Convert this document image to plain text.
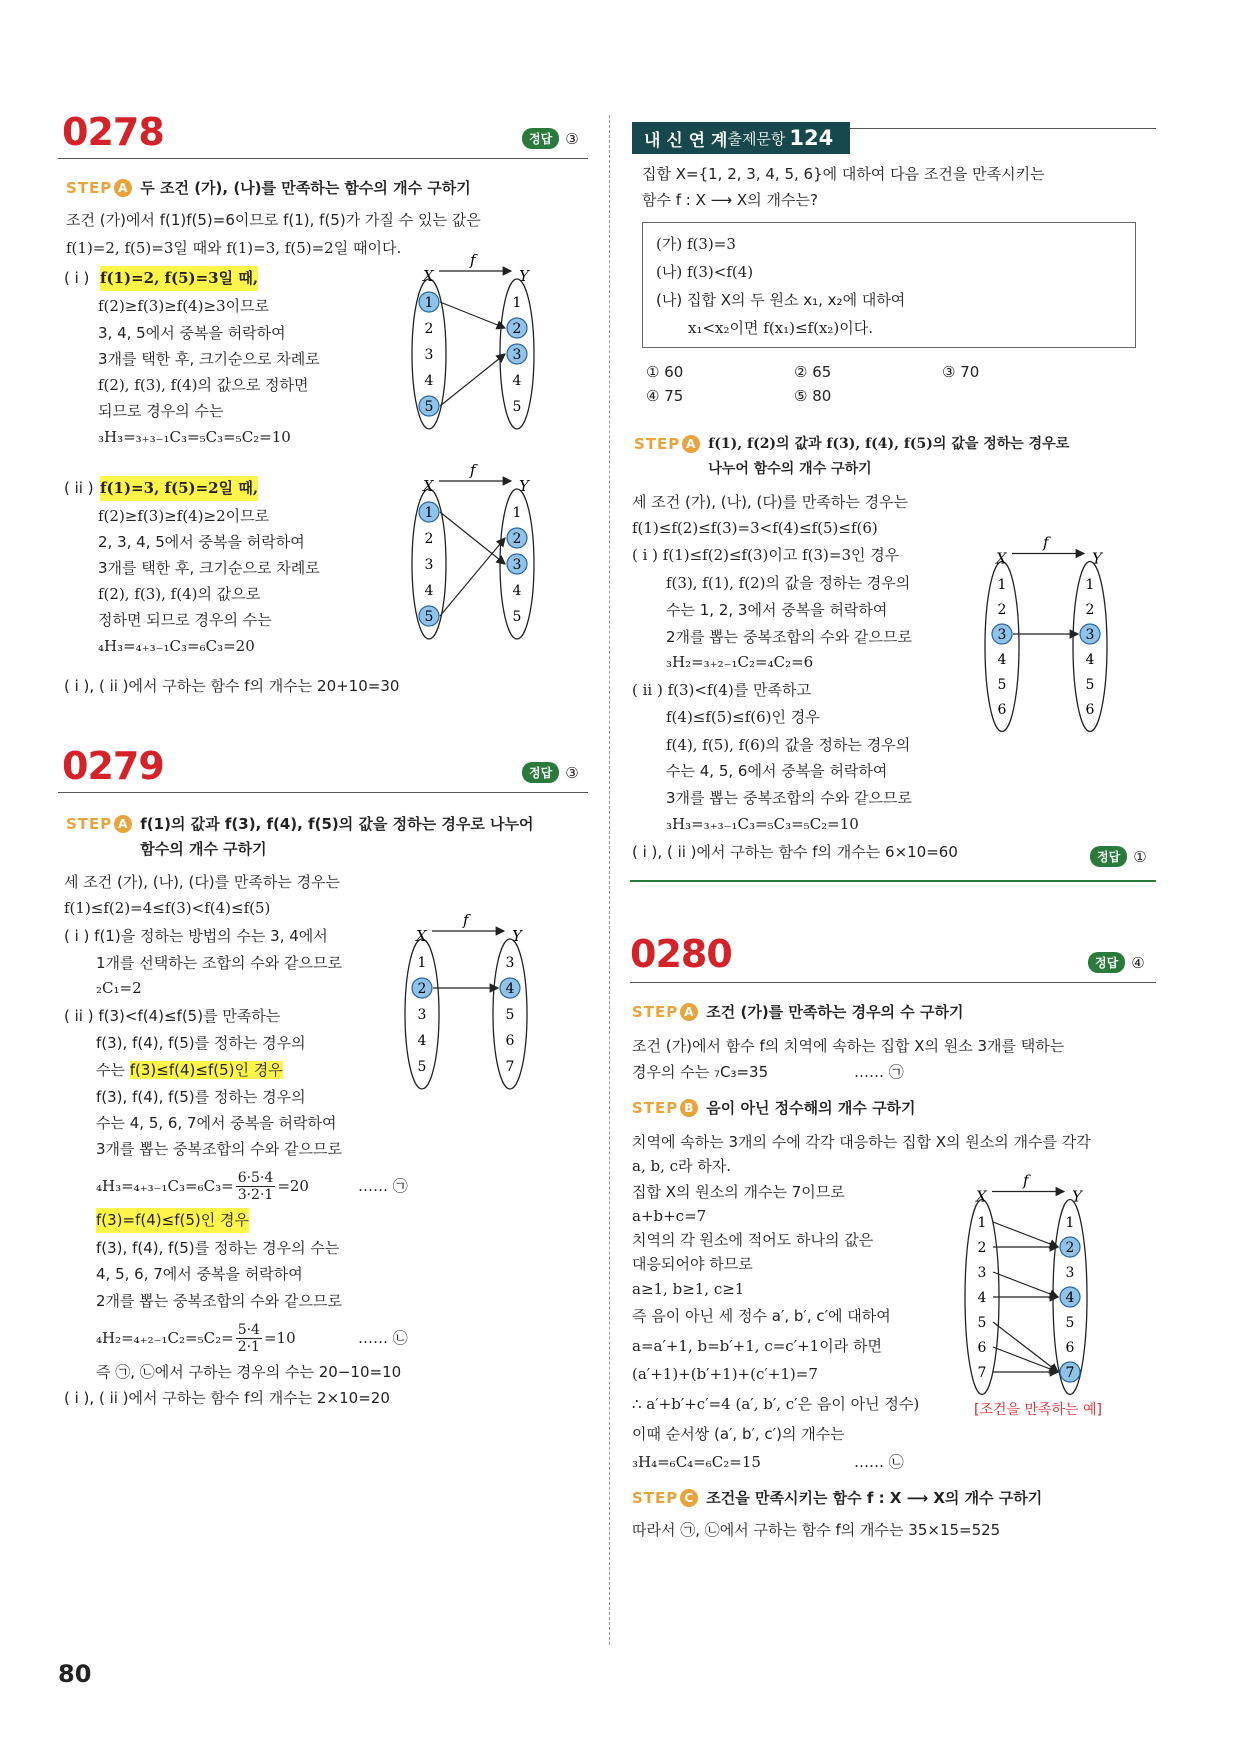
0278	정답 ③
STEP A 두 조건 (가), (나)를 만족하는 함수의 개수 구하기
조건 (가)에서 f(1)f(5)=6이므로 f(1), f(5)가 가질 수 있는 값은
f(1)=2, f(5)=3일 때와 f(1)=3, f(5)=2일 때이다.
( i ) f(1)=2, f(5)=3일 때,
f(2)≥f(3)≥f(4)≥3이므로
3, 4, 5에서 중복을 허락하여
3개를 택한 후, 크기순으로 차례로
f(2), f(3), f(4)의 값으로 정하면
되므로 경우의 수는
₃H₃=₃₊₃₋₁C₃=₅C₃=₅C₂=10
( ii ) f(1)=3, f(5)=2일 때,
f(2)≥f(3)≥f(4)≥2이므로
2, 3, 4, 5에서 중복을 허락하여
3개를 택한 후, 크기순으로 차례로
f(2), f(3), f(4)의 값으로
정하면 되므로 경우의 수는
₄H₃=₄₊₃₋₁C₃=₆C₃=20
( i ), ( ii )에서 구하는 함수 f의 개수는 20+10=30
0279	정답 ③
STEP A f(1)의 값과 f(3), f(4), f(5)의 값을 정하는 경우로 나누어
함수의 개수 구하기
세 조건 (가), (나), (다)를 만족하는 경우는
f(1)≤f(2)=4≤f(3)<f(4)≤f(5)
( i ) f(1)을 정하는 방법의 수는 3, 4에서
1개를 선택하는 조합의 수와 같으므로
₂C₁=2
( ii ) f(3)<f(4)≤f(5)를 만족하는
f(3), f(4), f(5)를 정하는 경우의
수는 f(3)≤f(4)≤f(5)인 경우
f(3), f(4), f(5)를 정하는 경우의
수는 4, 5, 6, 7에서 중복을 허락하여
3개를 뽑는 중복조합의 수와 같으므로
$_4H_3=_{4+3-1}C_3=_6C_3= \frac{6\cdot 5\cdot 4}{3\cdot 2\cdot 1} =20$	…… ㉠
f(3)=f(4)≤f(5)인 경우
f(3), f(4), f(5)를 정하는 경우의 수는
4, 5, 6, 7에서 중복을 허락하여
2개를 뽑는 중복조합의 수와 같으므로
$_4H_2=_{4+2-1}C_2=_5C_2= \frac{5\cdot 4}{2\cdot 1} =10$	…… ㉡
즉 ㉠, ㉡에서 구하는 경우의 수는 20−10=10
( i ), ( ii )에서 구하는 함수 f의 개수는 2×10=20
내 신 연 계 출제문항 124
집합 X={1, 2, 3, 4, 5, 6}에 대하여 다음 조건을 만족시키는
함수 f : X ⟶ X의 개수는?
(가) f(3)=3
(나) f(3)<f(4)
(나) 집합 X의 두 원소 x₁, x₂에 대하여
x₁<x₂이면 f(x₁)≤f(x₂)이다.
① 60	② 65	③ 70
④ 75	⑤ 80
STEP A f(1), f(2)의 값과 f(3), f(4), f(5)의 값을 정하는 경우로
나누어 함수의 개수 구하기
세 조건 (가), (나), (다)를 만족하는 경우는
f(1)≤f(2)≤f(3)=3<f(4)≤f(5)≤f(6)
( i ) f(1)≤f(2)≤f(3)이고 f(3)=3인 경우
f(3), f(1), f(2)의 값을 정하는 경우의
수는 1, 2, 3에서 중복을 허락하여
2개를 뽑는 중복조합의 수와 같으므로
₃H₂=₃₊₂₋₁C₂=₄C₂=6
( ii ) f(3)<f(4)를 만족하고
f(4)≤f(5)≤f(6)인 경우
f(4), f(5), f(6)의 값을 정하는 경우의
수는 4, 5, 6에서 중복을 허락하여
3개를 뽑는 중복조합의 수와 같으므로
₃H₃=₃₊₃₋₁C₃=₅C₃=₅C₂=10
( i ), ( ii )에서 구하는 함수 f의 개수는 6×10=60	정답 ①
0280	정답 ④
STEP A 조건 (가)를 만족하는 경우의 수 구하기
조건 (가)에서 함수 f의 치역에 속하는 집합 X의 원소 3개를 택하는
경우의 수는 ₇C₃=35	…… ㉠
STEP B 음이 아닌 정수해의 개수 구하기
치역에 속하는 3개의 수에 각각 대응하는 집합 X의 원소의 개수를 각각
a, b, c라 하자.
집합 X의 원소의 개수는 7이므로
a+b+c=7
치역의 각 원소에 적어도 하나의 값은
대응되어야 하므로
a≥1, b≥1, c≥1
즉 음이 아닌 세 정수 a′, b′, c′에 대하여
a=a′+1, b=b′+1, c=c′+1이라 하면
(a′+1)+(b′+1)+(c′+1)=7
∴ a′+b′+c′=4 (a′, b′, c′은 음이 아닌 정수)
이때 순서쌍 (a′, b′, c′)의 개수는
₃H₄=₆C₄=₆C₂=15	…… ㉡
[조건을 만족하는 예]
STEP C 조건을 만족시키는 함수 f : X ⟶ X의 개수 구하기
따라서 ㉠, ㉡에서 구하는 함수 f의 개수는 35×15=525
80
X	Y
f
1
2
3
4
5
1
2
3
4
5
X	Y
f
1
2
3
4
5
1
2
3
4
5
X	Y
f
1
2
3
4
5
3
4
5
6
7
X	Y
f
1
2
3
4
5
6
1
2
3
4
5
6
X	Y
f
1
2
3
4
5
6
7
1
2
3
4
5
6
7
